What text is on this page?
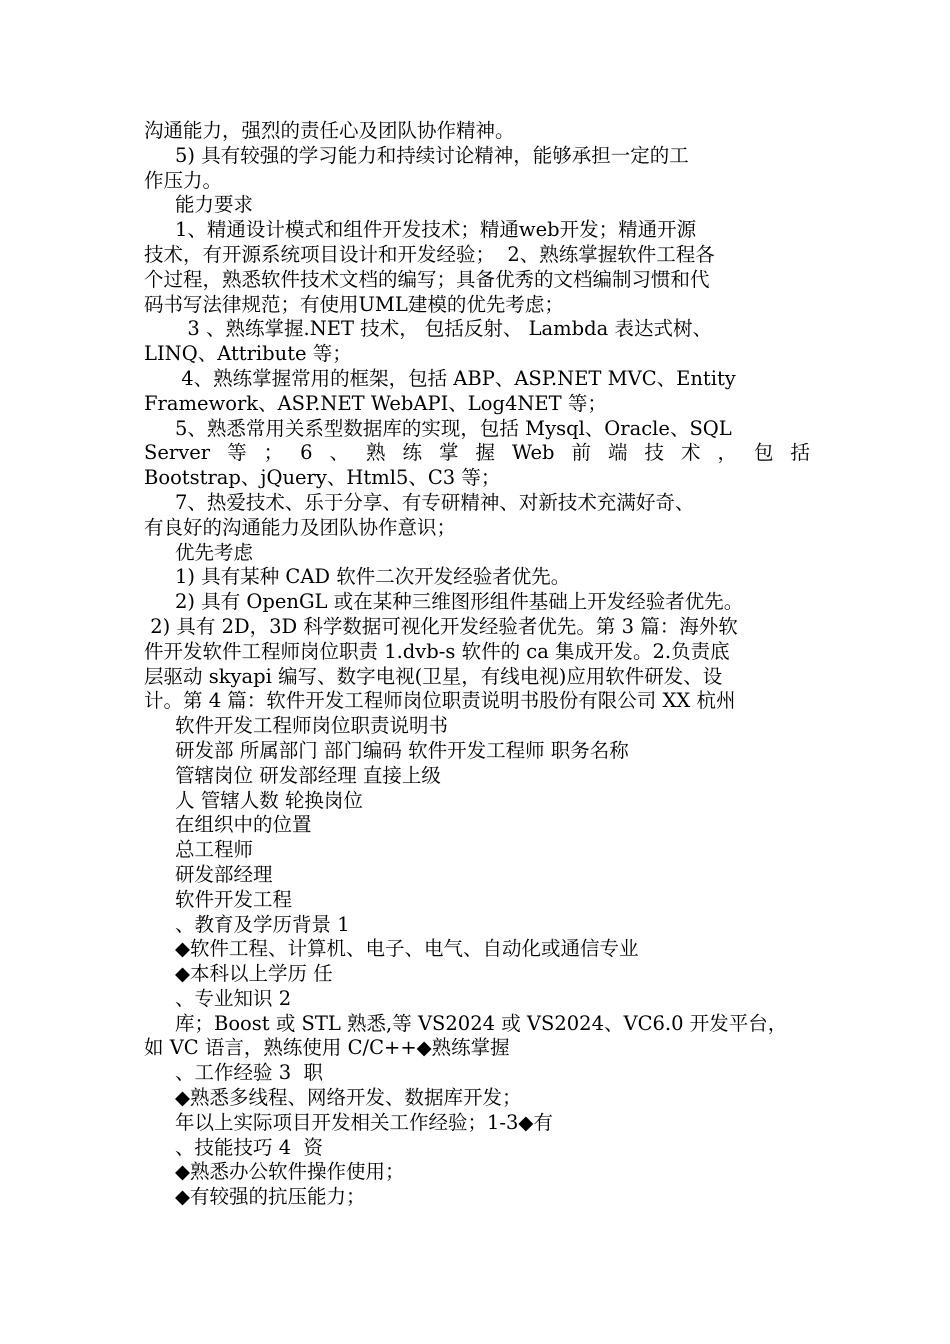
沟通能力，强烈的责任心及团队协作精神。
5) 具有较强的学习能力和持续讨论精神，能够承担一定的工
作压力。
能力要求
1、精通设计模式和组件开发技术；精通web开发；精通开源
技术，有开源系统项目设计和开发经验；  2、熟练掌握软件工程各
个过程，熟悉软件技术文档的编写；具备优秀的文档编制习惯和代
码书写法律规范；有使用UML建模的优先考虑；
3 、熟练掌握.NET 技术， 包括反射、 Lambda 表达式树、
LINQ、Attribute 等；
4、熟练掌握常用的框架，包括 ABP、ASP.NET MVC、Entity
Framework、ASP.NET WebAPI、Log4NET 等；
5、熟悉常用关系型数据库的实现，包括 Mysql、Oracle、SQL
Server 等 ； 6 、 熟 练 掌 握 Web 前 端 技 术 ， 包 括
Bootstrap、jQuery、Html5、C3 等；
7、热爱技术、乐于分享、有专研精神、对新技术充满好奇、
有良好的沟通能力及团队协作意识；
优先考虑
1) 具有某种 CAD 软件二次开发经验者优先。
2) 具有 OpenGL 或在某种三维图形组件基础上开发经验者优先。
2) 具有 2D，3D 科学数据可视化开发经验者优先。第 3 篇：海外软
件开发软件工程师岗位职责 1.dvb-s 软件的 ca 集成开发。2.负责底
层驱动 skyapi 编写、数字电视(卫星，有线电视)应用软件研发、设
计。第 4 篇：软件开发工程师岗位职责说明书股份有限公司 XX 杭州
软件开发工程师岗位职责说明书
研发部 所属部门 部门编码 软件开发工程师 职务名称
管辖岗位 研发部经理 直接上级
人 管辖人数 轮换岗位
在组织中的位置
总工程师
研发部经理
软件开发工程
、教育及学历背景 1
◆软件工程、计算机、电子、电气、自动化或通信专业
◆本科以上学历 任
、专业知识 2
库；Boost 或 STL 熟悉,等 VS2024 或 VS2024、VC6.0 开发平台，
如 VC 语言，熟练使用 C/C++◆熟练掌握
、工作经验 3  职
◆熟悉多线程、网络开发、数据库开发；
年以上实际项目开发相关工作经验；1-3◆有
、技能技巧 4  资
◆熟悉办公软件操作使用；
◆有较强的抗压能力；
